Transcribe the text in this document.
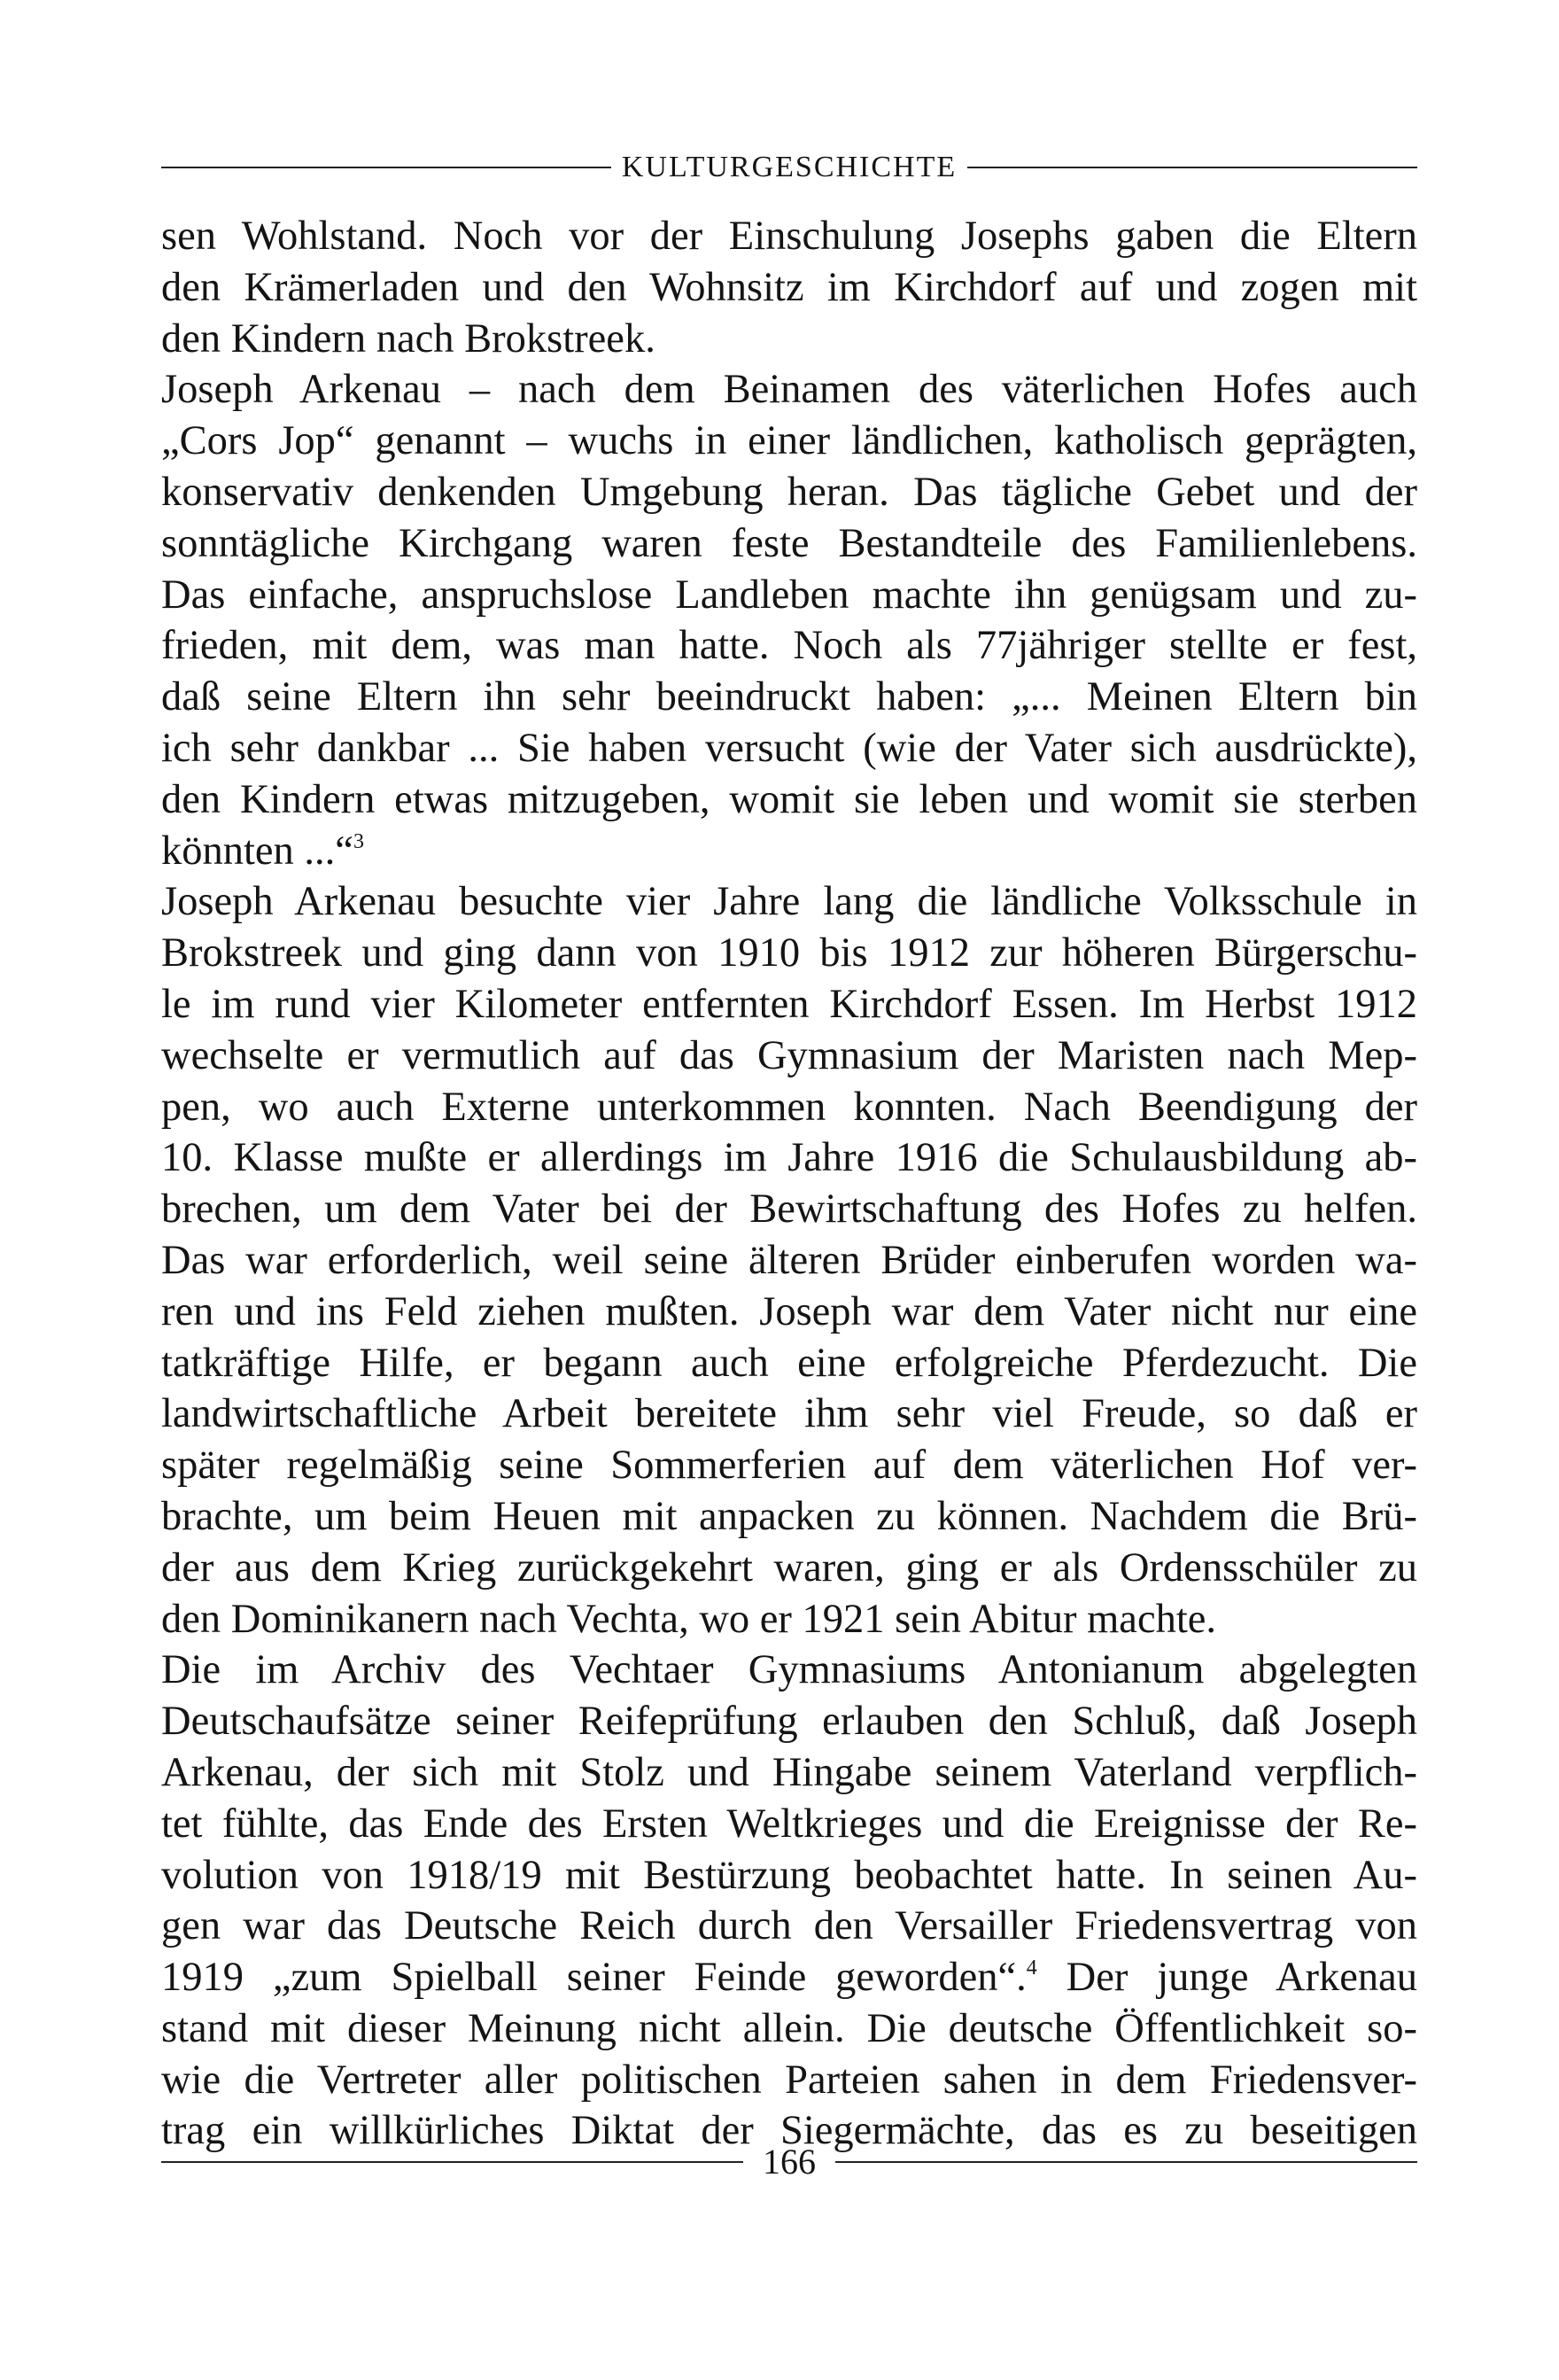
KULTURGESCHICHTE

sen Wohlstand. Noch vor der Einschulung Josephs gaben die Eltern
den Krämerladen und den Wohnsitz im Kirchdorf auf und zogen mit
den Kindern nach Brokstreek.

Joseph Arkenau – nach dem Beinamen des väterlichen Hofes auch
„Cors Jop“ genannt – wuchs in einer ländlichen, katholisch geprägten,
konservativ denkenden Umgebung heran. Das tägliche Gebet und der
sonntägliche Kirchgang waren feste Bestandteile des Familienlebens.
Das einfache, anspruchslose Landleben machte ihn genügsam und zu-
frieden, mit dem, was man hatte. Noch als 77jähriger stellte er fest,
daß seine Eltern ihn sehr beeindruckt haben: „... Meinen Eltern bin
ich sehr dankbar ... Sie haben versucht (wie der Vater sich ausdrückte),
den Kindern etwas mitzugeben, womit sie leben und womit sie sterben
könnten ...“$^3$

Joseph Arkenau besuchte vier Jahre lang die ländliche Volksschule in
Brokstreek und ging dann von 1910 bis 1912 zur höheren Bürgerschu-
le im rund vier Kilometer entfernten Kirchdorf Essen. Im Herbst 1912
wechselte er vermutlich auf das Gymnasium der Maristen nach Mep-
pen, wo auch Externe unterkommen konnten. Nach Beendigung der
10. Klasse mußte er allerdings im Jahre 1916 die Schulausbildung ab-
brechen, um dem Vater bei der Bewirtschaftung des Hofes zu helfen.
Das war erforderlich, weil seine älteren Brüder einberufen worden wa-
ren und ins Feld ziehen mußten. Joseph war dem Vater nicht nur eine
tatkräftige Hilfe, er begann auch eine erfolgreiche Pferdezucht. Die
landwirtschaftliche Arbeit bereitete ihm sehr viel Freude, so daß er
später regelmäßig seine Sommerferien auf dem väterlichen Hof ver-
brachte, um beim Heuen mit anpacken zu können. Nachdem die Brü-
der aus dem Krieg zurückgekehrt waren, ging er als Ordensschüler zu
den Dominikanern nach Vechta, wo er 1921 sein Abitur machte.

Die im Archiv des Vechtaer Gymnasiums Antonianum abgelegten
Deutschaufsätze seiner Reifeprüfung erlauben den Schluß, daß Joseph
Arkenau, der sich mit Stolz und Hingabe seinem Vaterland verpflich-
tet fühlte, das Ende des Ersten Weltkrieges und die Ereignisse der Re-
volution von 1918/19 mit Bestürzung beobachtet hatte. In seinen Au-
gen war das Deutsche Reich durch den Versailler Friedensvertrag von
1919 „zum Spielball seiner Feinde geworden“.$^4$ Der junge Arkenau
stand mit dieser Meinung nicht allein. Die deutsche Öffentlichkeit so-
wie die Vertreter aller politischen Parteien sahen in dem Friedensver-
trag ein willkürliches Diktat der Siegermächte, das es zu beseitigen

166
